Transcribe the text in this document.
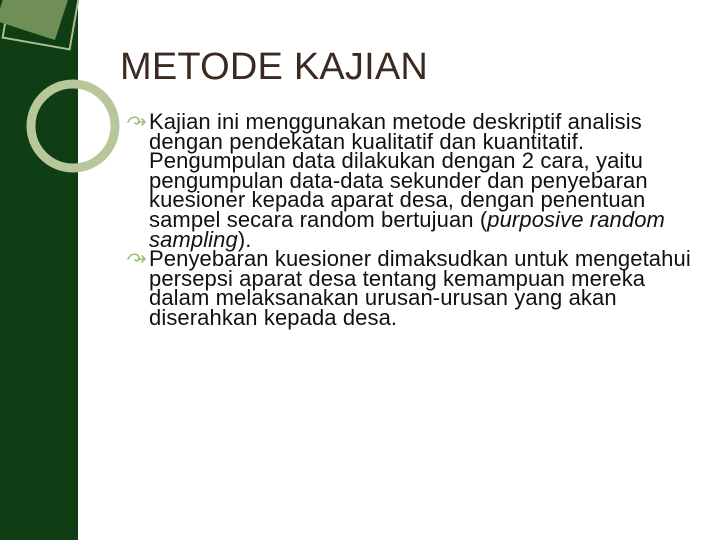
METODE KAJIAN
Kajian ini menggunakan metode deskriptif analisis dengan pendekatan kualitatif dan kuantitatif. Pengumpulan data dilakukan dengan 2 cara, yaitu pengumpulan data-data sekunder dan penyebaran kuesioner kepada aparat desa, dengan penentuan sampel secara random bertujuan (purposive random sampling).
Penyebaran kuesioner dimaksudkan untuk mengetahui persepsi aparat desa tentang kemampuan mereka dalam melaksanakan urusan-urusan yang akan diserahkan kepada desa.
